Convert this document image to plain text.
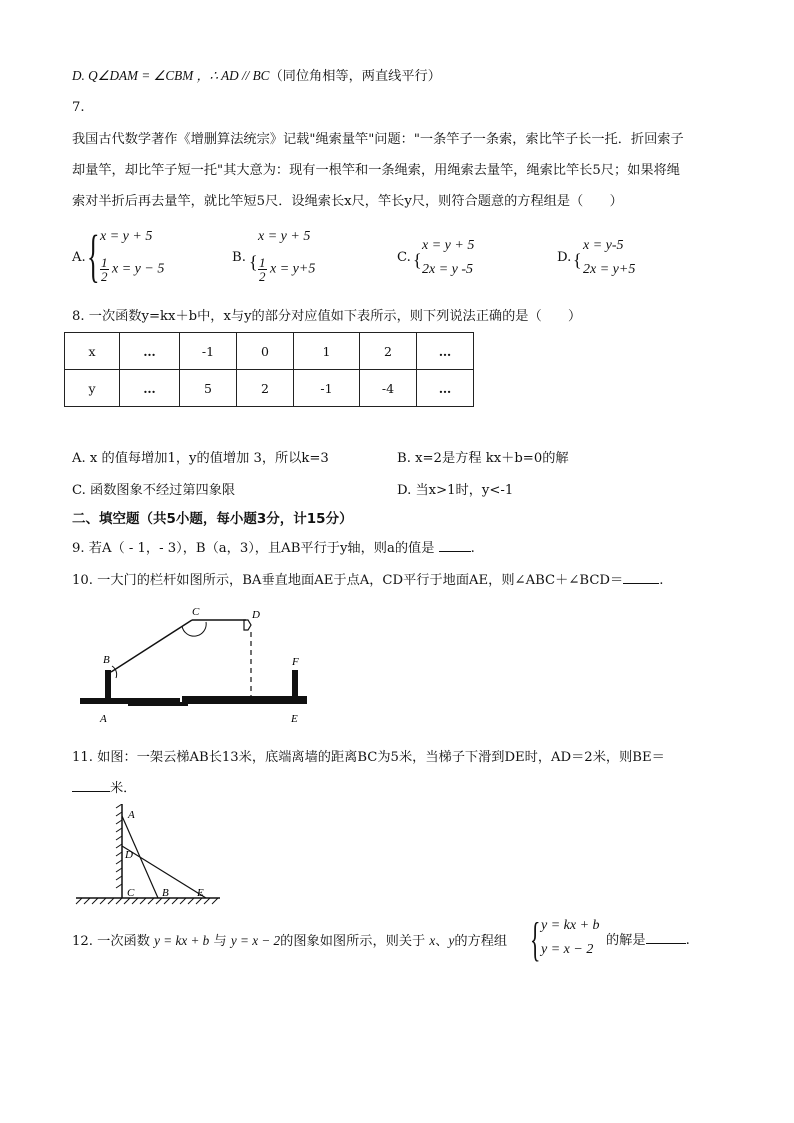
D. Q∠DAM = ∠CBM ，∴ AD // BC（同位角相等，两直线平行）
7.
我国古代数学著作《增删算法统宗》记载"绳索量竿"问题："一条竿子一条索，索比竿子长一托．折回索子
却量竿，却比竿子短一托"其大意为：现有一根竿和一条绳索，用绳索去量竿，绳索比竿长5尺；如果将绳
索对半折后再去量竿，就比竿短5尺．设绳索长x尺，竿长y尺，则符合题意的方程组是（　　）
A. { x = y + 5
$\frac{1}{2}$ x = y − 5
B. {
x = y + 5
$\frac{1}{2}$ x = y+5
C. {
x = y + 5
2x = y -5
D. {
x = y-5
2x = y+5
8. 一次函数y=kx＋b中，x与y的部分对应值如下表所示，则下列说法正确的是（　　）
x	…	-1	0	1	2	…
y	…	5	2	-1	-4	…
A. x 的值每增加1，y的值增加 3，所以k=3	B. x=2是方程 kx＋b=0的解
C. 函数图象不经过第四象限	D. 当x>1时，y<-1
二、填空题（共5小题，每小题3分，计15分）
9. 若A（ - 1，- 3），B（a，3），且AB平行于y轴，则a的值是	.
10. 一大门的栏杆如图所示，BA垂直地面AE于点A，CD平行于地面AE，则∠ABC＋∠BCD＝	.
A
B
C	D
E
F
11. 如图：一架云梯AB长13米，底端离墙的距离BC为5米，当梯子下滑到DE时，AD＝2米，则BE＝
米．
A
D
C	B	E
12. 一次函数 y = kx + b 与 y = x − 2的图象如图所示，则关于 x、y的方程组 { y = kx + b
y = x − 2
的解是	.
